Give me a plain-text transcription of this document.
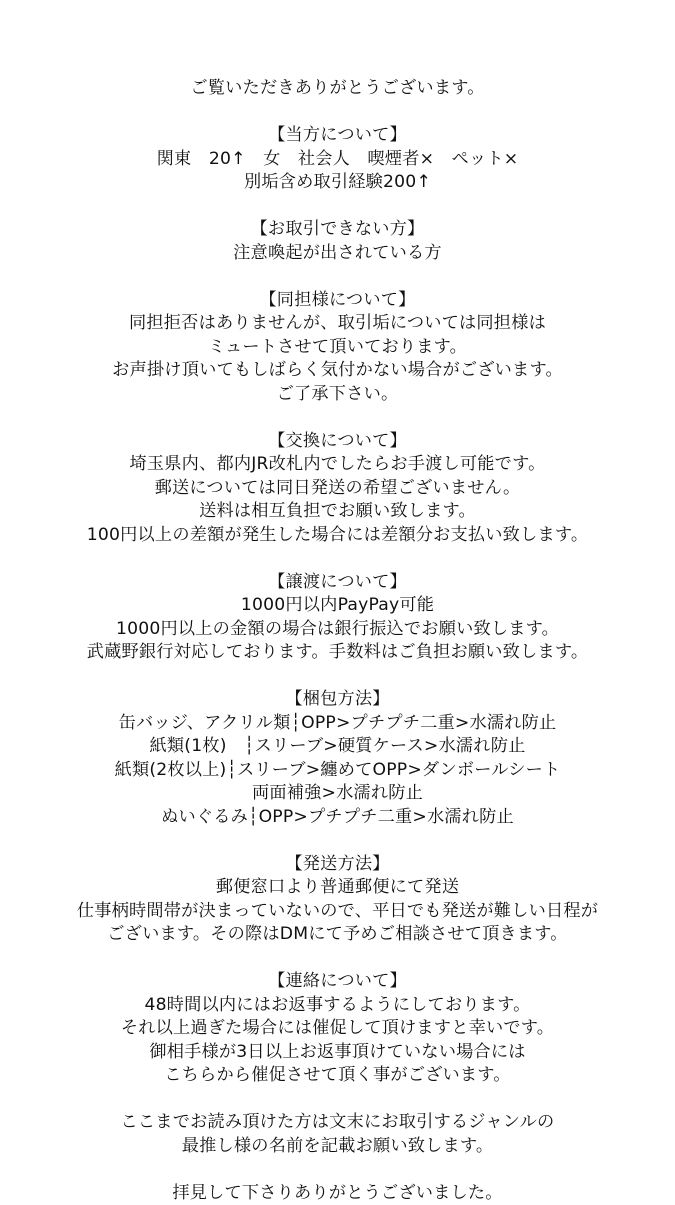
ご覧いただきありがとうございます。
【当方について】
関東　20↑　女　社会人　喫煙者×　ペット×
別垢含め取引経験200↑
【お取引できない方】
注意喚起が出されている方
【同担様について】
同担拒否はありませんが、取引垢については同担様は
ミュートさせて頂いております。
お声掛け頂いてもしばらく気付かない場合がございます。
ご了承下さい。
【交換について】
埼玉県内、都内JR改札内でしたらお手渡し可能です。
郵送については同日発送の希望ございません。
送料は相互負担でお願い致します。
100円以上の差額が発生した場合には差額分お支払い致します。
【譲渡について】
1000円以内PayPay可能
1000円以上の金額の場合は銀行振込でお願い致します。
武蔵野銀行対応しております。手数料はご負担お願い致します。
【梱包方法】
缶バッジ、アクリル類┆OPP>プチプチ二重>水濡れ防止
紙類(1枚)　┆スリーブ>硬質ケース>水濡れ防止
紙類(2枚以上)┆スリーブ>纏めてOPP>ダンボールシート
両面補強>水濡れ防止
ぬいぐるみ┆OPP>プチプチ二重>水濡れ防止
【発送方法】
郵便窓口より普通郵便にて発送
仕事柄時間帯が決まっていないので、平日でも発送が難しい日程が
ございます。その際はDMにて予めご相談させて頂きます。
【連絡について】
48時間以内にはお返事するようにしております。
それ以上過ぎた場合には催促して頂けますと幸いです。
御相手様が3日以上お返事頂けていない場合には
こちらから催促させて頂く事がございます。
ここまでお読み頂けた方は文末にお取引するジャンルの
最推し様の名前を記載お願い致します。
拝見して下さりありがとうございました。
